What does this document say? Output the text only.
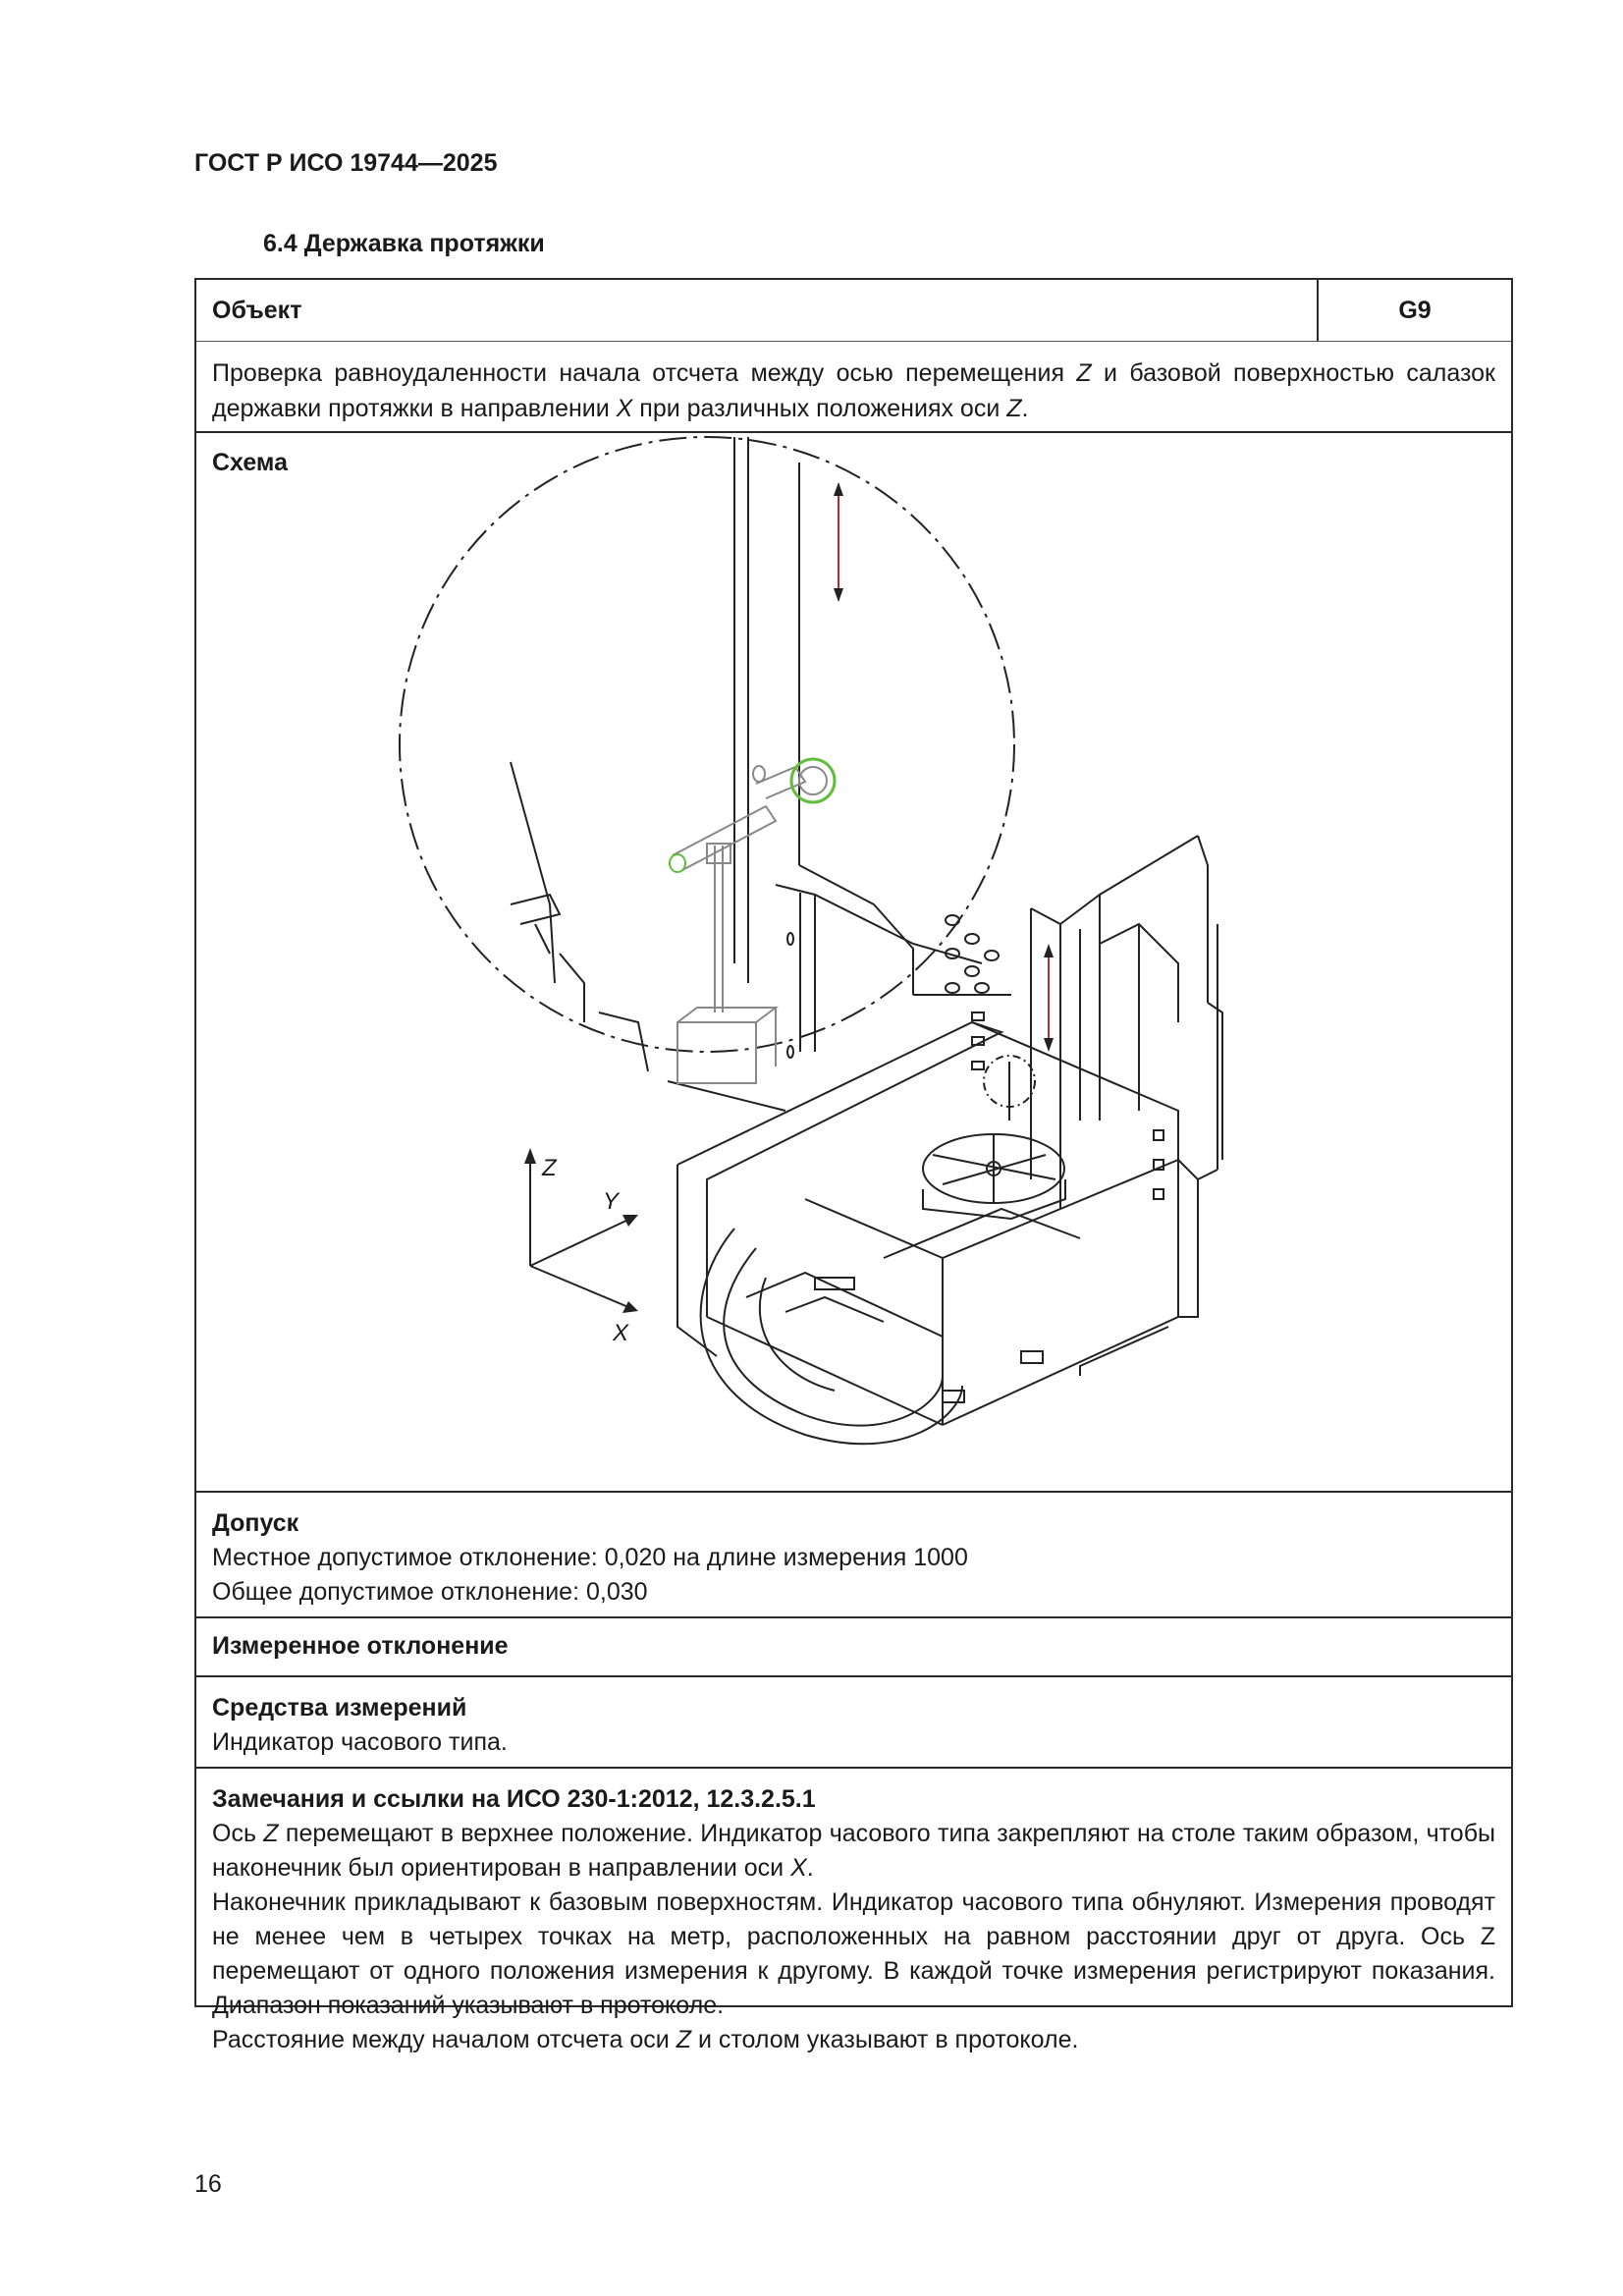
ГОСТ Р ИСО 19744—2025
6.4 Державка протяжки
Объект	G9
Проверка равноудаленности начала отсчета между осью перемещения Z и базовой поверхностью салазок державки протяжки в направлении X при различных положениях оси Z.
Схема
Z
Y
X
Допуск
Местное допустимое отклонение: 0,020 на длине измерения 1000
Общее допустимое отклонение: 0,030
Измеренное отклонение
Средства измерений
Индикатор часового типа.
Замечания и ссылки на ИСО 230-1:2012, 12.3.2.5.1
Ось Z перемещают в верхнее положение. Индикатор часового типа закрепляют на столе таким образом, чтобы наконечник был ориентирован в направлении оси X.
Наконечник прикладывают к базовым поверхностям. Индикатор часового типа обнуляют. Измерения проводят не менее чем в четырех точках на метр, расположенных на равном расстоянии друг от друга. Ось Z перемещают от одного положения измерения к другому. В каждой точке измерения регистрируют показания. Диапазон показаний указывают в протоколе.
Расстояние между началом отсчета оси Z и столом указывают в протоколе.
16
